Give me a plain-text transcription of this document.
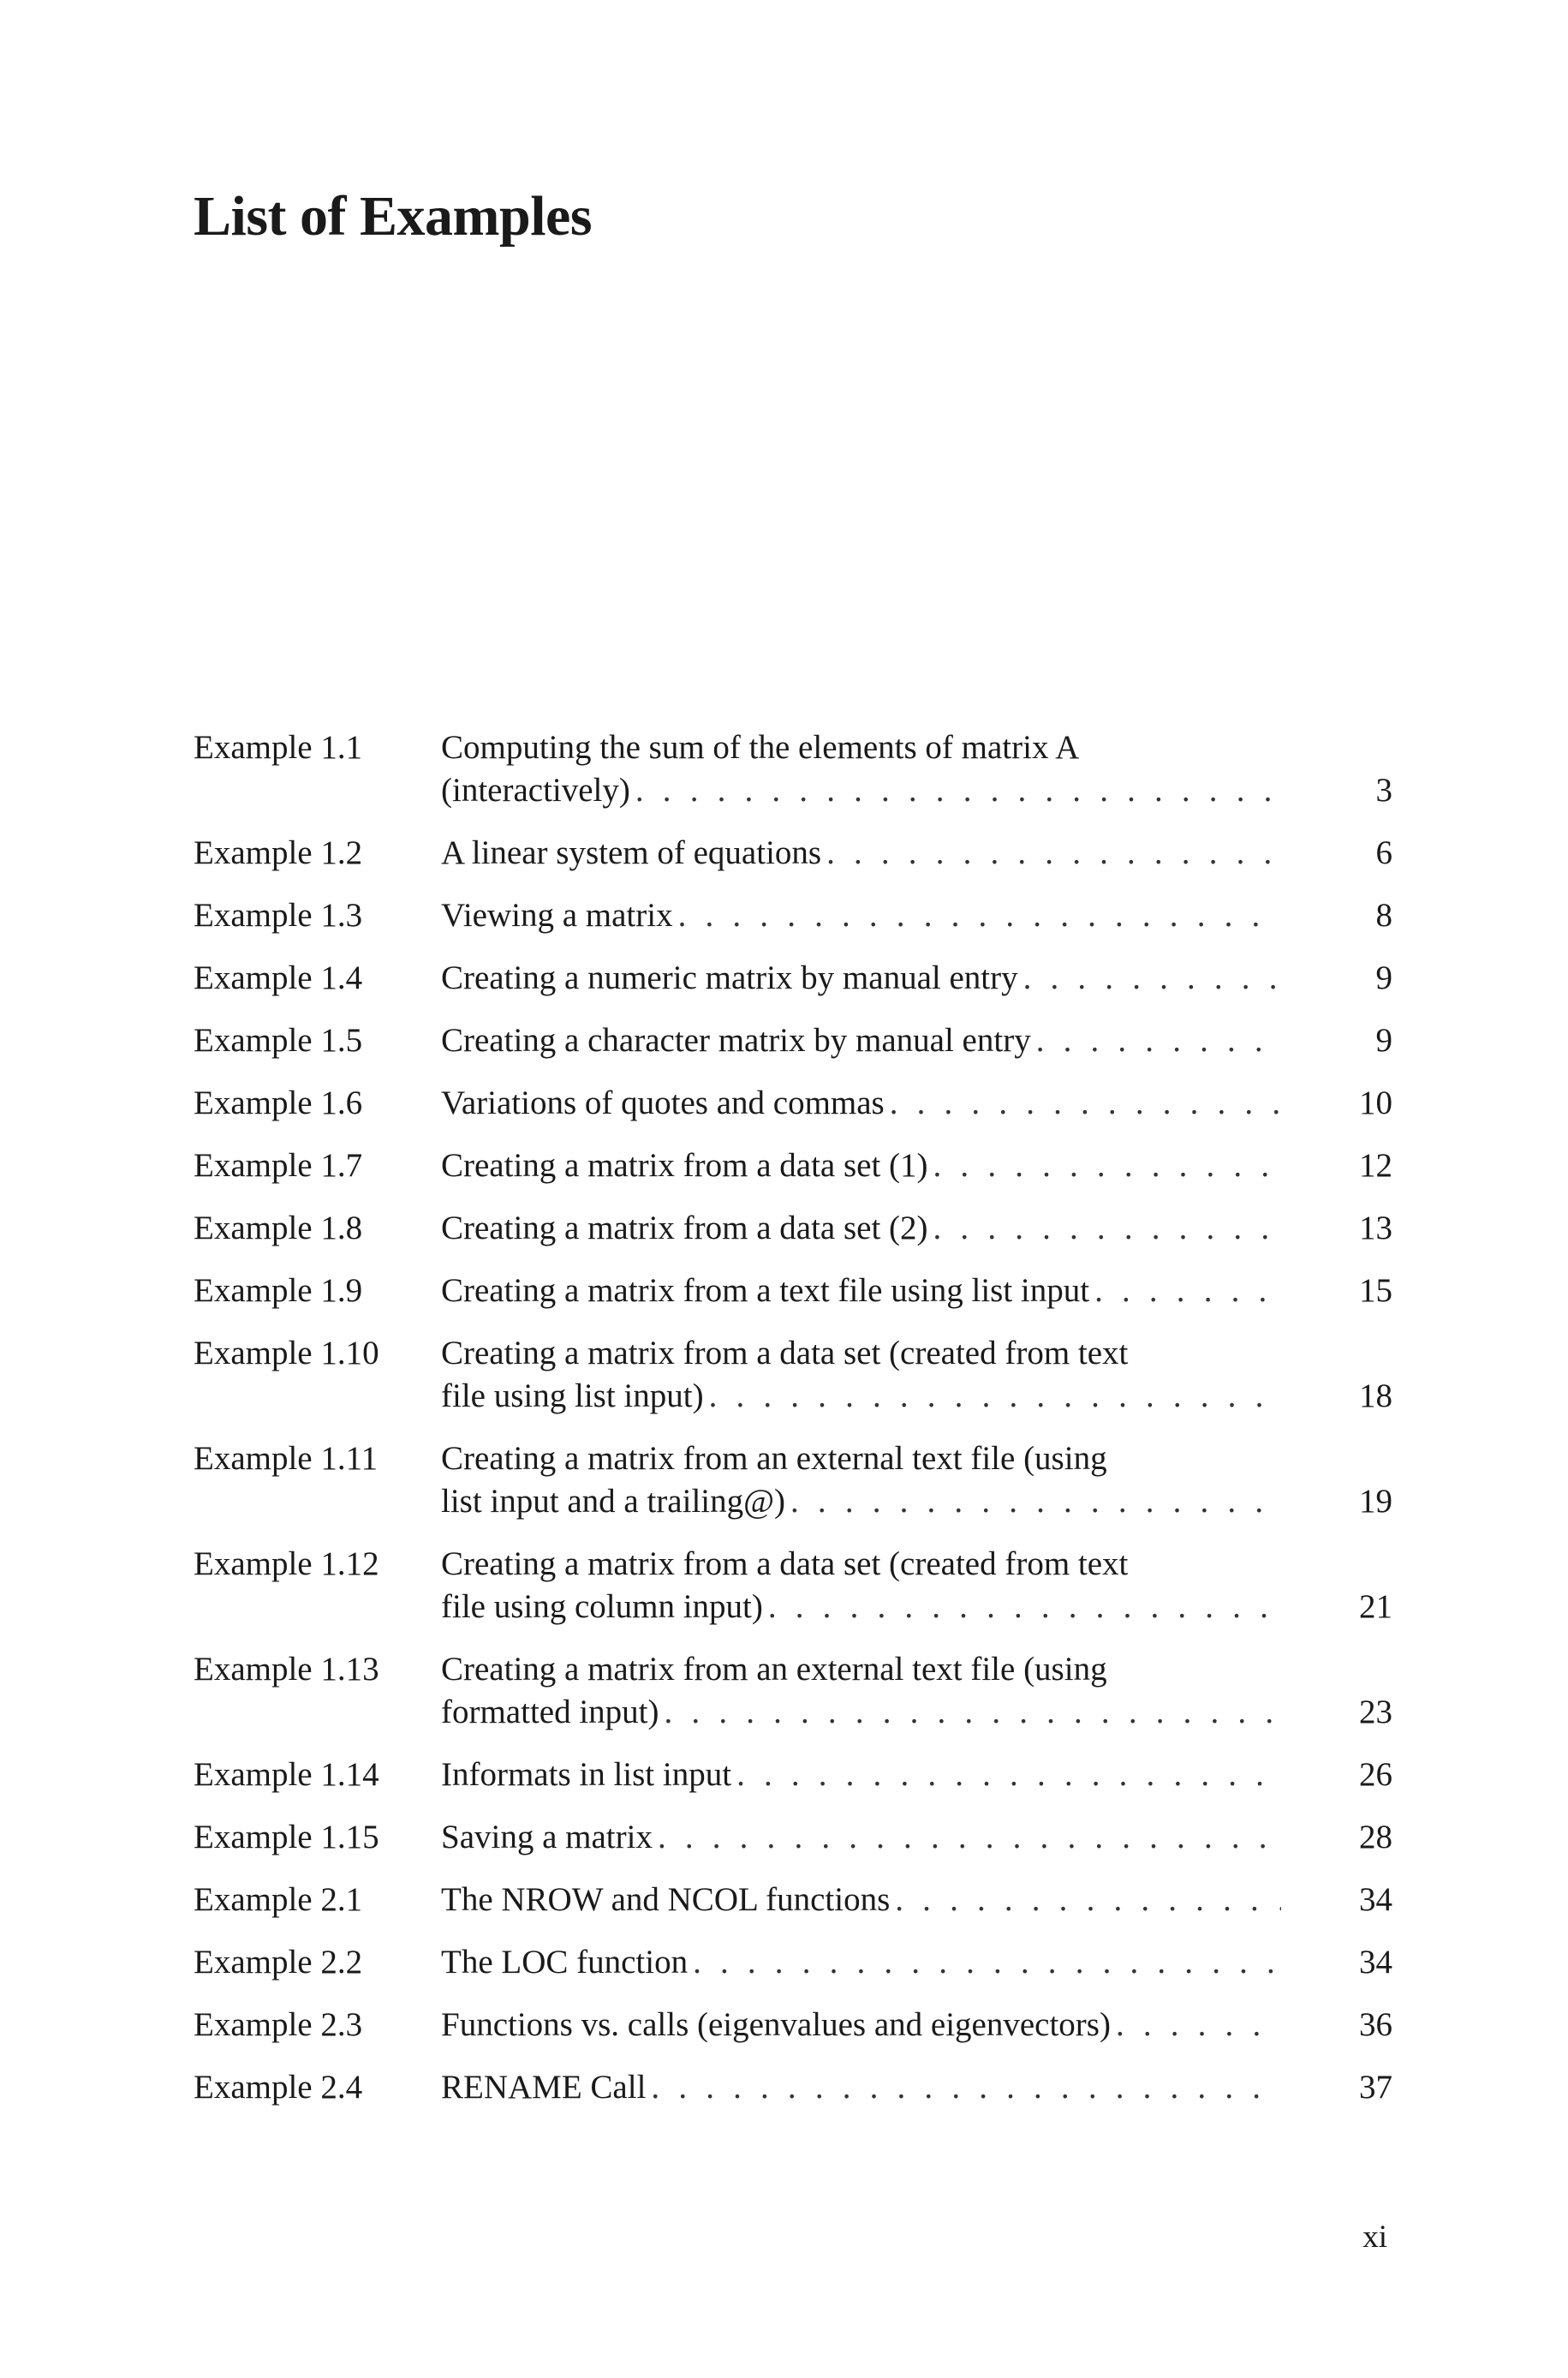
List of Examples
Example 1.1	Computing the sum of the elements of matrix A
(interactively) . . .	3
Example 1.2	A linear system of equations . . .	6
Example 1.3	Viewing a matrix . . .	8
Example 1.4	Creating a numeric matrix by manual entry . . .	9
Example 1.5	Creating a character matrix by manual entry . . .	9
Example 1.6	Variations of quotes and commas . . .	10
Example 1.7	Creating a matrix from a data set (1) . . .	12
Example 1.8	Creating a matrix from a data set (2) . . .	13
Example 1.9	Creating a matrix from a text file using list input . . .	15
Example 1.10	Creating a matrix from a data set (created from text
file using list input) . . .	18
Example 1.11	Creating a matrix from an external text file (using
list input and a trailing@) . . .	19
Example 1.12	Creating a matrix from a data set (created from text
file using column input) . . .	21
Example 1.13	Creating a matrix from an external text file (using
formatted input) . . .	23
Example 1.14	Informats in list input . . .	26
Example 1.15	Saving a matrix . . .	28
Example 2.1	The NROW and NCOL functions . . .	34
Example 2.2	The LOC function . . .	34
Example 2.3	Functions vs. calls (eigenvalues and eigenvectors) . . .	36
Example 2.4	RENAME Call . . .	37
xi
